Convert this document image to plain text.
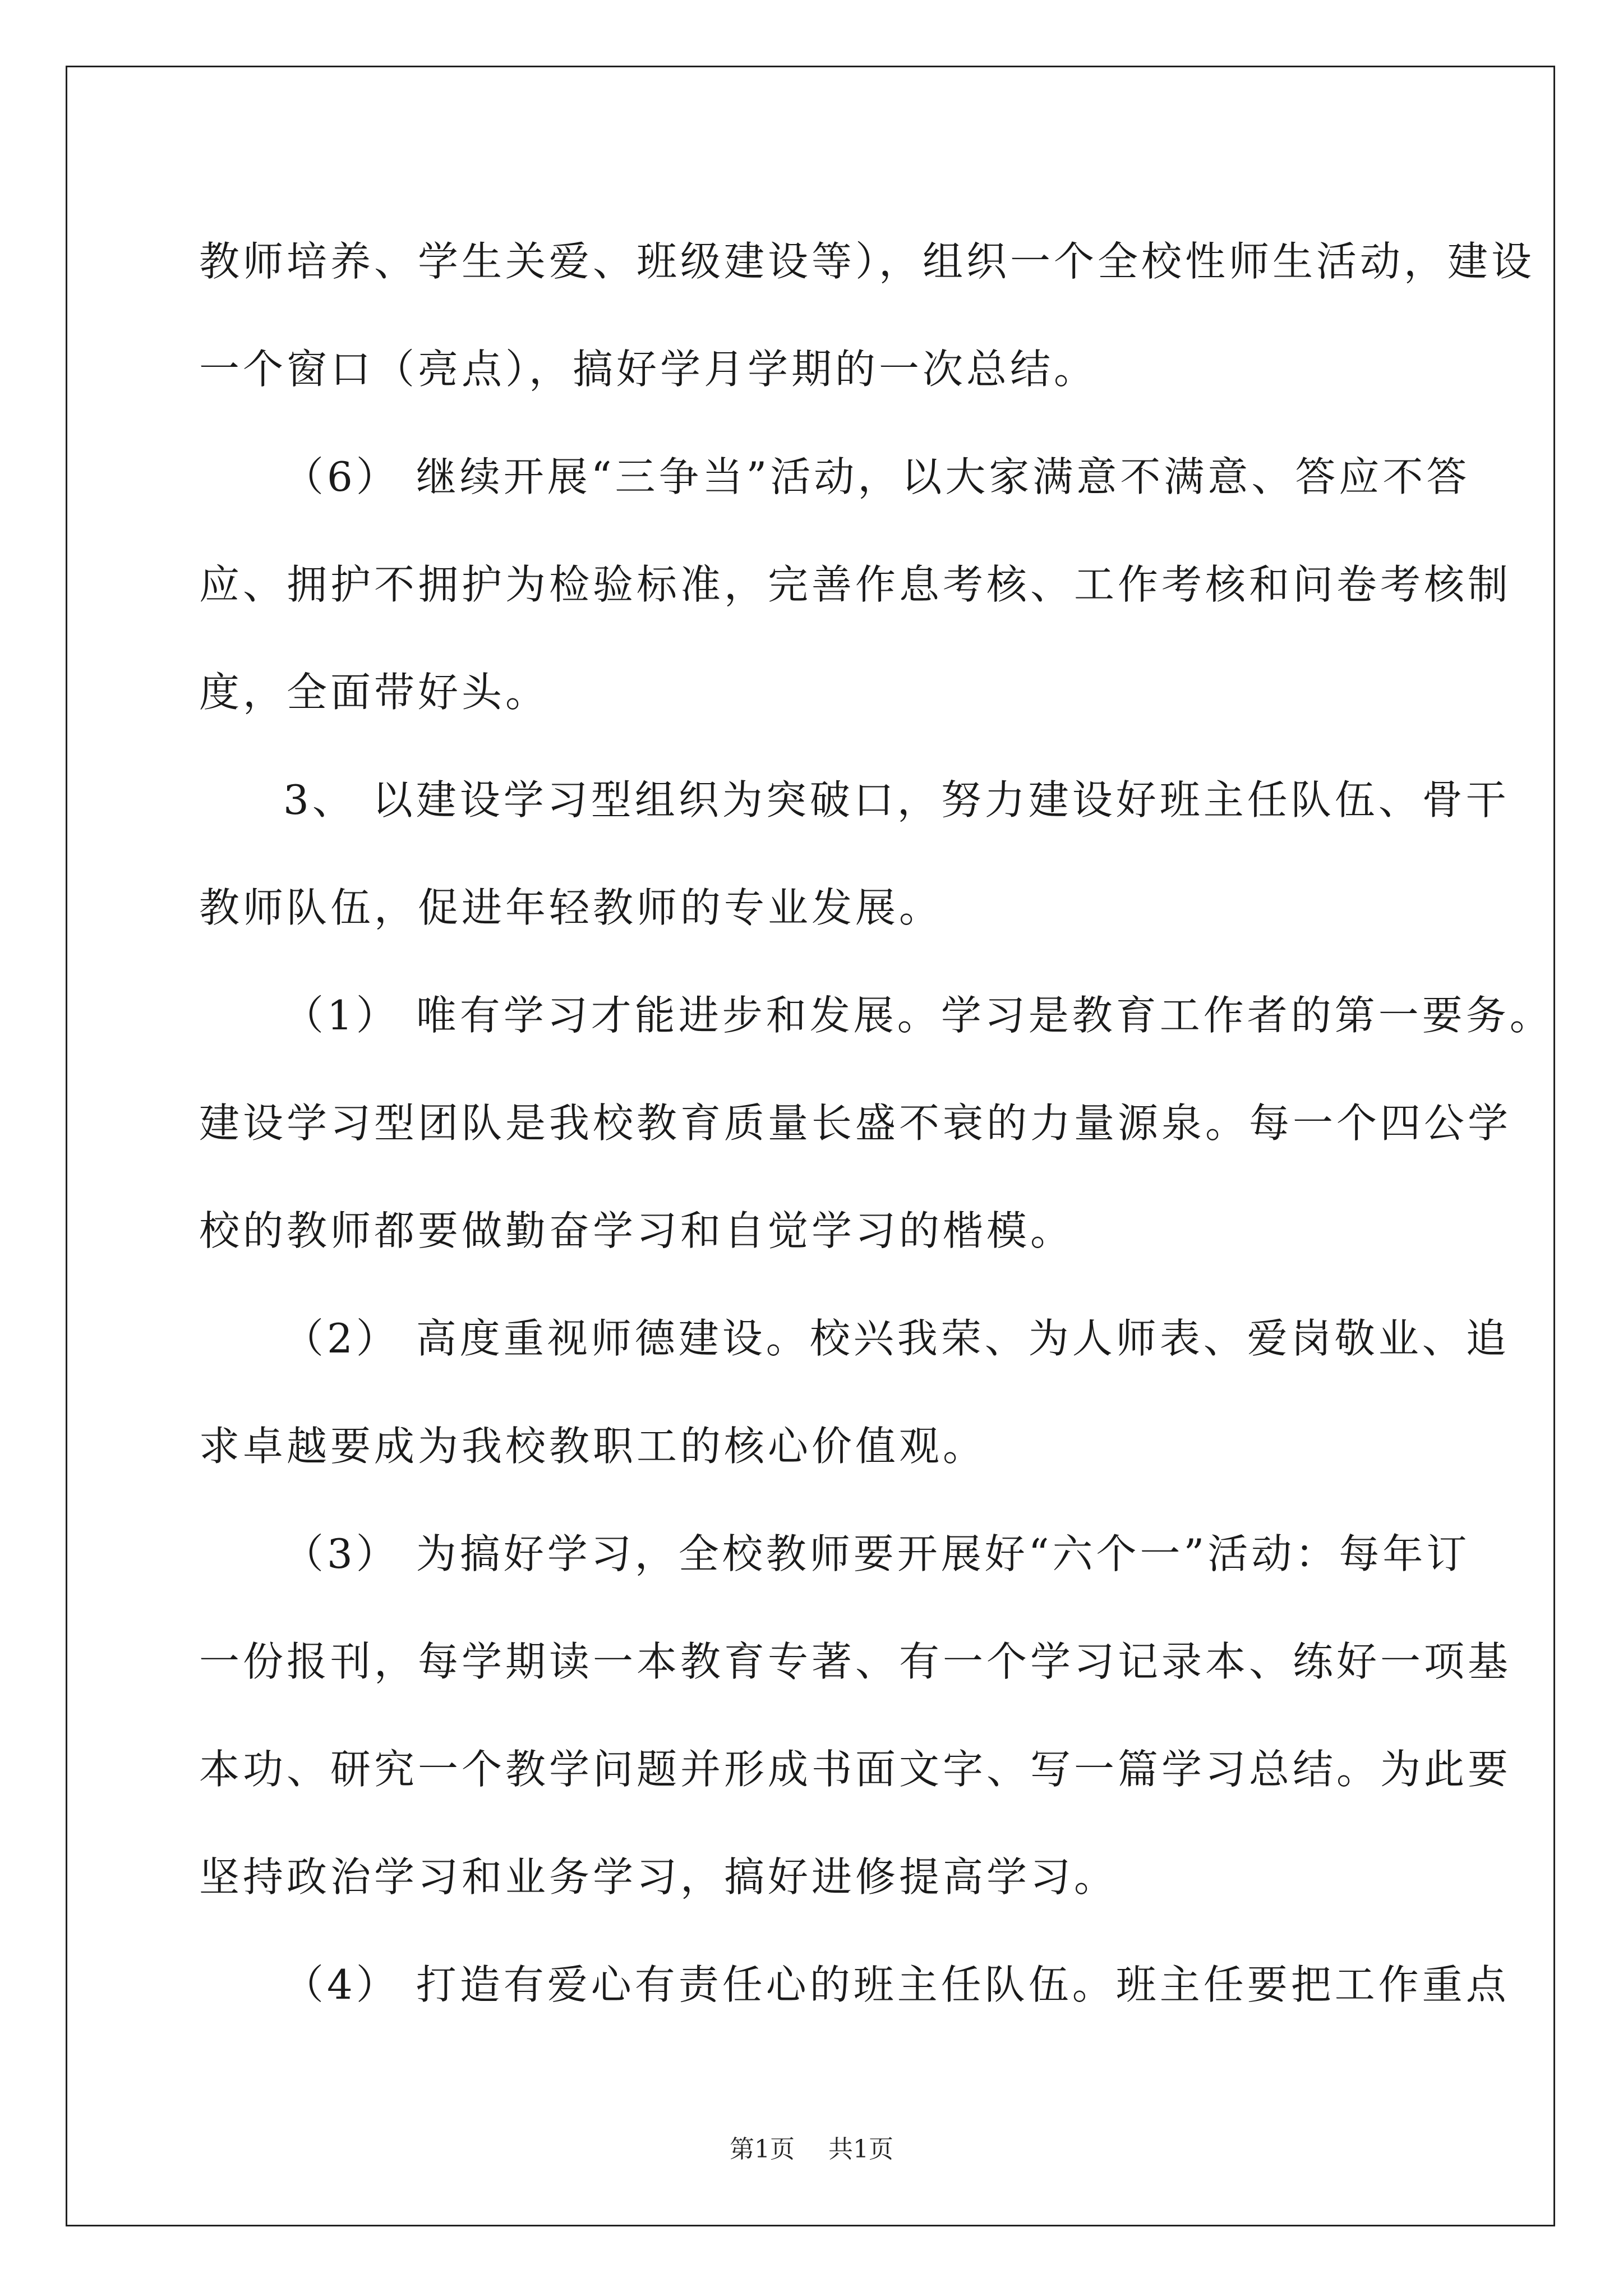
教师培养、学生关爱、班级建设等），组织一个全校性师生活动，建设
一个窗口（亮点），搞好学月学期的一次总结。
（6） 继续开展“三争当”活动，以大家满意不满意、答应不答
应、拥护不拥护为检验标准，完善作息考核、工作考核和问卷考核制
度，全面带好头。
3、 以建设学习型组织为突破口，努力建设好班主任队伍、骨干
教师队伍，促进年轻教师的专业发展。
（1） 唯有学习才能进步和发展。学习是教育工作者的第一要务。
建设学习型团队是我校教育质量长盛不衰的力量源泉。每一个四公学
校的教师都要做勤奋学习和自觉学习的楷模。
（2） 高度重视师德建设。校兴我荣、为人师表、爱岗敬业、追
求卓越要成为我校教职工的核心价值观。
（3） 为搞好学习，全校教师要开展好“六个一”活动：每年订
一份报刊，每学期读一本教育专著、有一个学习记录本、练好一项基
本功、研究一个教学问题并形成书面文字、写一篇学习总结。为此要
坚持政治学习和业务学习，搞好进修提高学习。
（4） 打造有爱心有责任心的班主任队伍。班主任要把工作重点
第1页 共1页
